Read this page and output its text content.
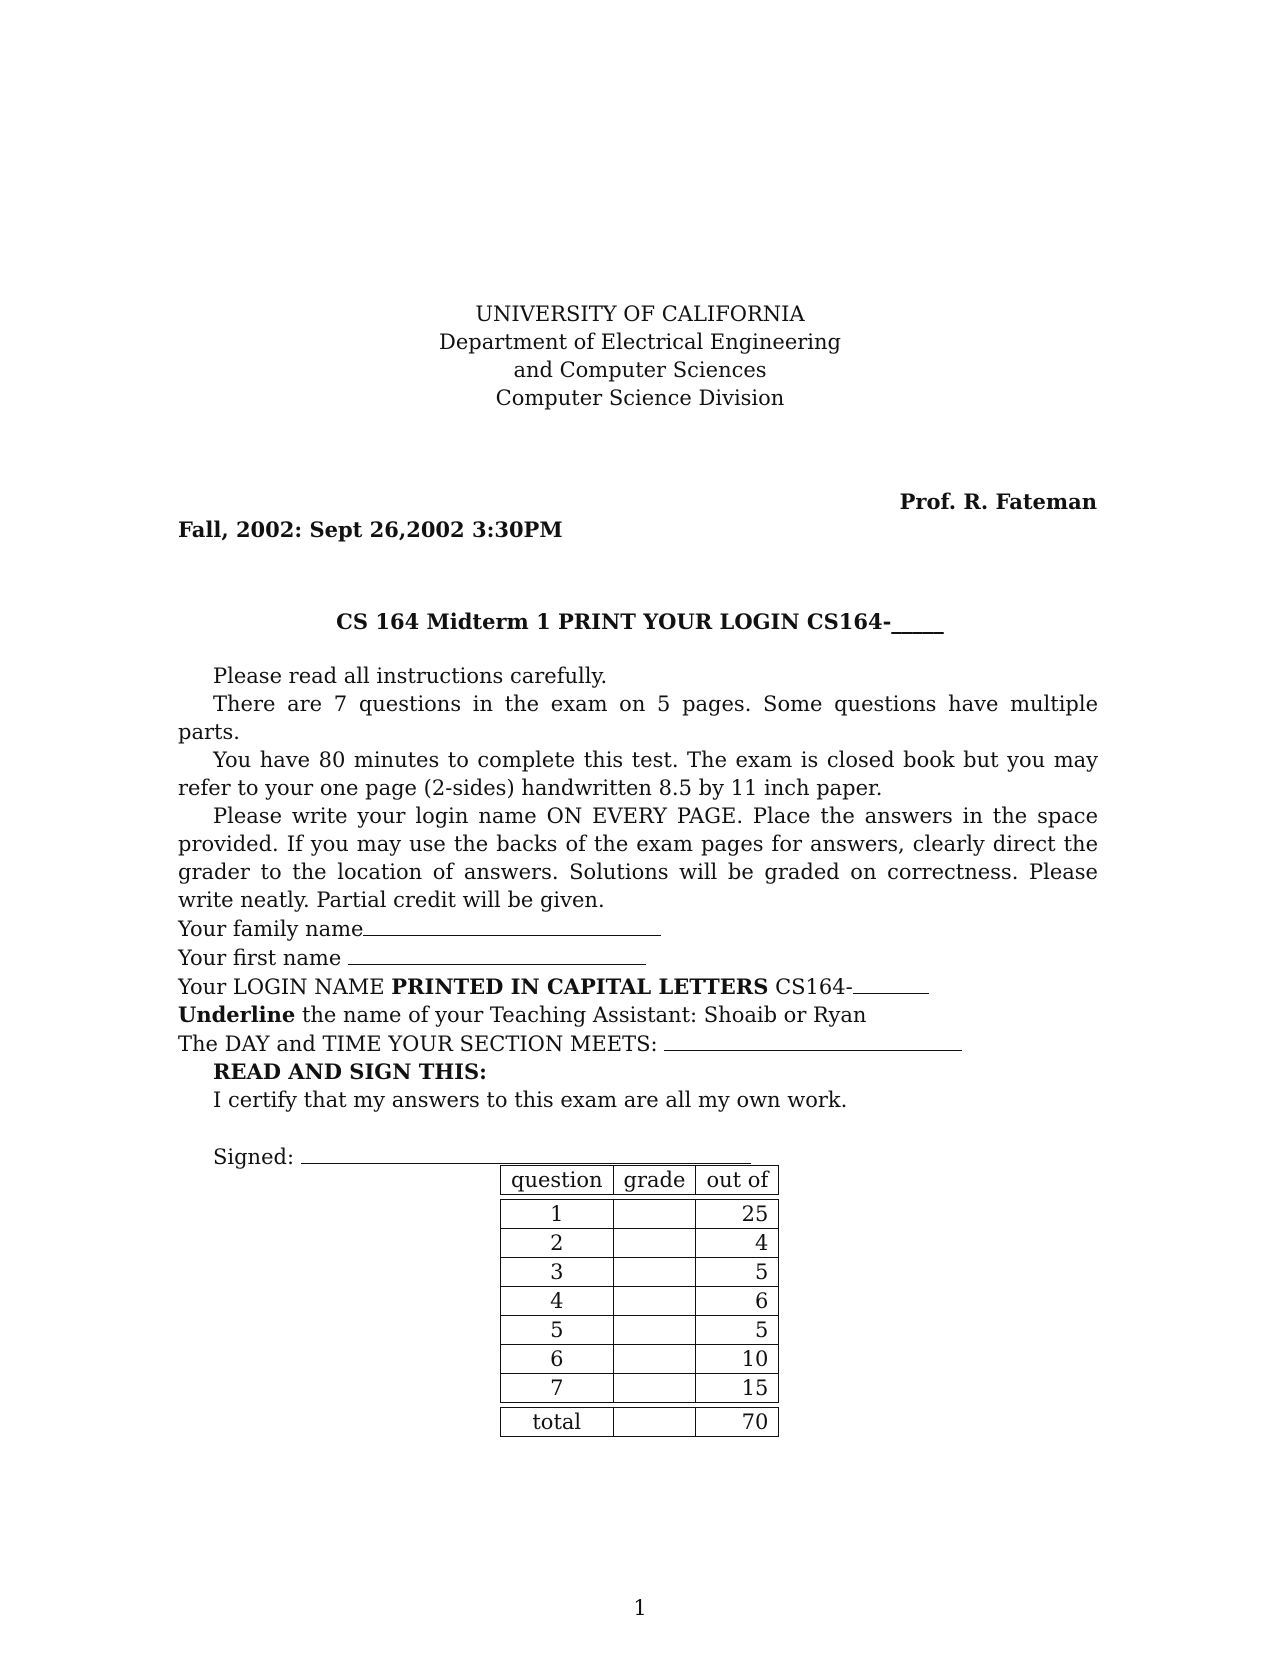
UNIVERSITY OF CALIFORNIA
Department of Electrical Engineering
and Computer Sciences
Computer Science Division
Prof. R. Fateman
Fall, 2002: Sept 26,2002 3:30PM
CS 164 Midterm 1 PRINT YOUR LOGIN CS164-_____

Please read all instructions carefully.

There are 7 questions in the exam on 5 pages. Some questions have multiple parts.

You have 80 minutes to complete this test. The exam is closed book but you may refer to your one page (2-sides) handwritten 8.5 by 11 inch paper.

Please write your login name ON EVERY PAGE. Place the answers in the space provided. If you may use the backs of the exam pages for answers, clearly direct the grader to the location of answers. Solutions will be graded on correctness. Please write neatly. Partial credit will be given.

Your family name

Your first name

Your LOGIN NAME PRINTED IN CAPITAL LETTERS CS164-

Underline the name of your Teaching Assistant: Shoaib or Ryan

The DAY and TIME YOUR SECTION MEETS:

READ AND SIGN THIS:

I certify that my answers to this exam are all my own work.

Signed:

question	grade	out of

1		25
2		4
3		5
4		6
5		5
6		10
7		15

total		70
1
